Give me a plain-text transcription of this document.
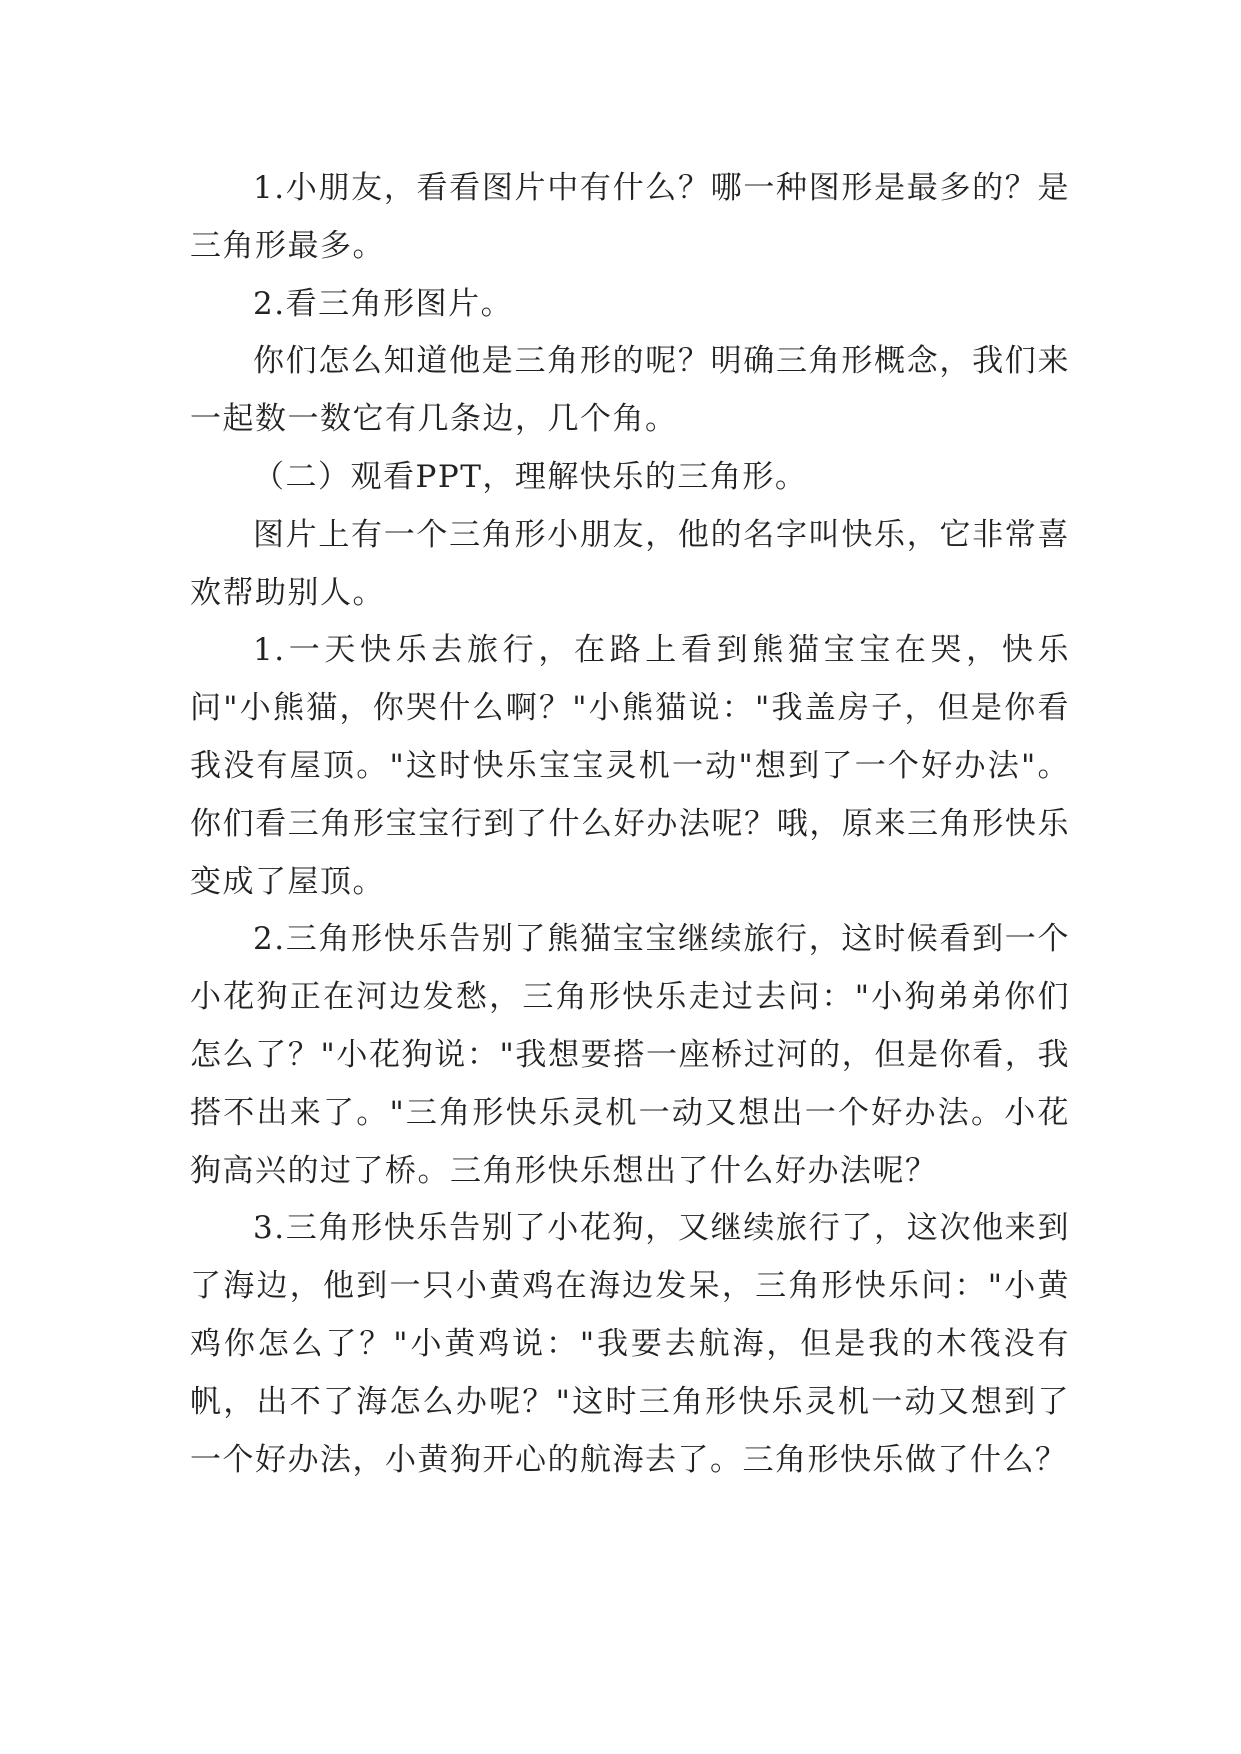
1.小朋友，看看图片中有什么？哪一种图形是最多的？是三角形最多。

2.看三角形图片。

你们怎么知道他是三角形的呢？明确三角形概念，我们来一起数一数它有几条边，几个角。

（二）观看PPT，理解快乐的三角形。

图片上有一个三角形小朋友，他的名字叫快乐，它非常喜欢帮助别人。

1.一天快乐去旅行，在路上看到熊猫宝宝在哭，快乐问"小熊猫，你哭什么啊？"小熊猫说："我盖房子，但是你看我没有屋顶。"这时快乐宝宝灵机一动"想到了一个好办法"。你们看三角形宝宝行到了什么好办法呢？哦，原来三角形快乐变成了屋顶。

2.三角形快乐告别了熊猫宝宝继续旅行，这时候看到一个小花狗正在河边发愁，三角形快乐走过去问："小狗弟弟你们怎么了？"小花狗说："我想要搭一座桥过河的，但是你看，我搭不出来了。"三角形快乐灵机一动又想出一个好办法。小花狗高兴的过了桥。三角形快乐想出了什么好办法呢？

3.三角形快乐告别了小花狗，又继续旅行了，这次他来到了海边，他到一只小黄鸡在海边发呆，三角形快乐问："小黄鸡你怎么了？"小黄鸡说："我要去航海，但是我的木筏没有帆，出不了海怎么办呢？"这时三角形快乐灵机一动又想到了一个好办法，小黄狗开心的航海去了。三角形快乐做了什么？
